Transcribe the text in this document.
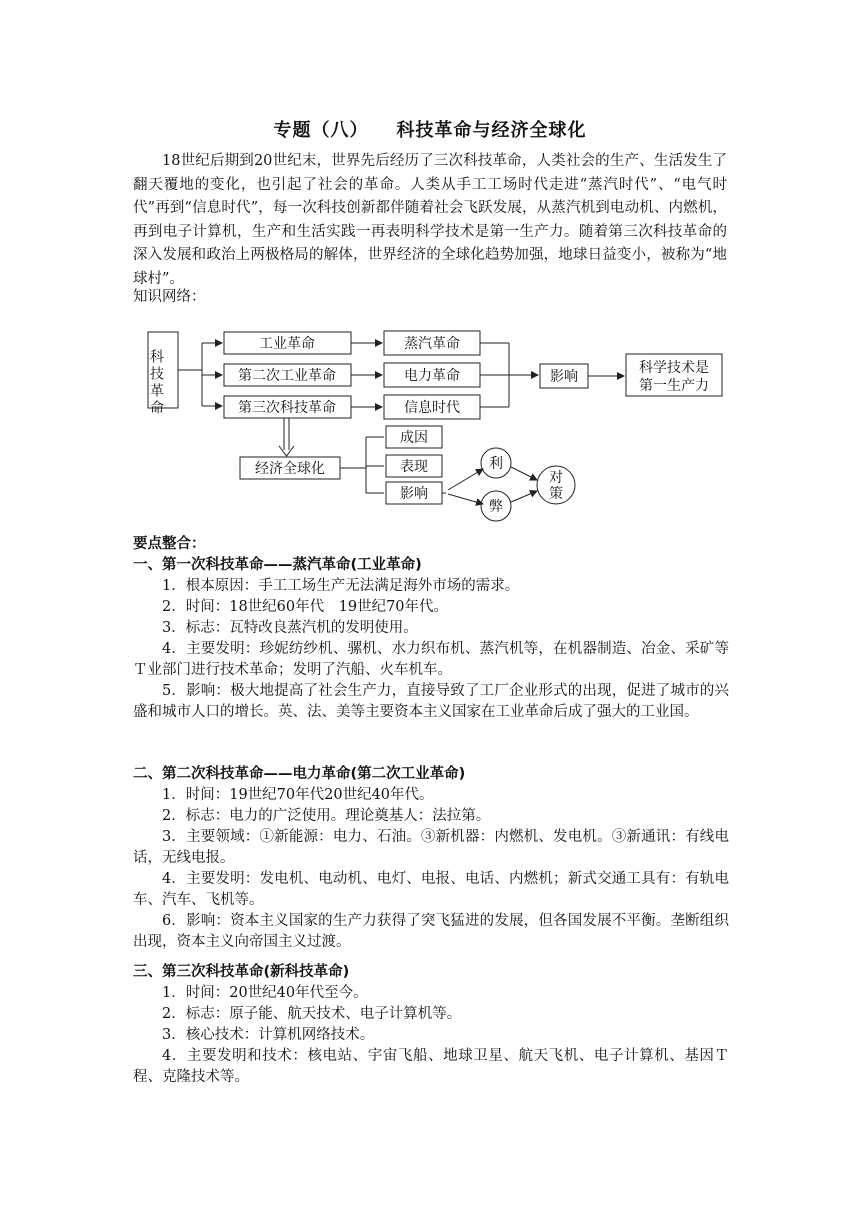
专题（八） 科技革命与经济全球化
18世纪后期到20世纪末，世界先后经历了三次科技革命，人类社会的生产、生活发生了翻天覆地的变化，也引起了社会的革命。人类从手工工场时代走进“蒸汽时代”、“电气时代”再到“信息时代”，每一次科技创新都伴随着社会飞跃发展，从蒸汽机到电动机、内燃机，再到电子计算机，生产和生活实践一再表明科学技术是第一生产力。随着第三次科技革命的深入发展和政治上两极格局的解体，世界经济的全球化趋势加强，地球日益变小，被称为“地球村”。
知识网络：
科技革命
工业革命
第二次工业革命
第三次科技革命
蒸汽革命
电力革命
信息时代
影响
科学技术是
第一生产力
经济全球化
成因
表现
影响
利
弊
对
策
要点整合：
一、第一次科技革命——蒸汽革命(工业革命)
1．根本原因：手工工场生产无法满足海外市场的需求。
2．时间：18世纪60年代　19世纪70年代。
3．标志：瓦特改良蒸汽机的发明使用。
4．主要发明：珍妮纺纱机、骡机、水力织布机、蒸汽机等，在机器制造、冶金、采矿等Ｔ业部门进行技术革命；发明了汽船、火车机车。
5．影响：极大地提高了社会生产力，直接导致了工厂企业形式的出现，促进了城市的兴盛和城市人口的增长。英、法、美等主要资本主义国家在工业革命后成了强大的工业国。
二、第二次科技革命——电力革命(第二次工业革命)
1．时间：19世纪70年代20世纪40年代。
2．标志：电力的广泛使用。理论奠基人：法拉第。
3．主要领域：①新能源：电力、石油。③新机器：内燃机、发电机。③新通讯：有线电话，无线电报。
4．主要发明：发电机、电动机、电灯、电报、电话、内燃机；新式交通工具有：有轨电车、汽车、飞机等。
6．影响：资本主义国家的生产力获得了突飞猛进的发展，但各国发展不平衡。垄断组织出现，资本主义向帝国主义过渡。
三、第三次科技革命(新科技革命)
1．时间：20世纪40年代至今。
2．标志：原子能、航天技术、电子计算机等。
3．核心技术：计算机网络技术。
4．主要发明和技术：核电站、宇宙飞船、地球卫星、航天飞机、电子计算机、基因Ｔ程、克隆技术等。
